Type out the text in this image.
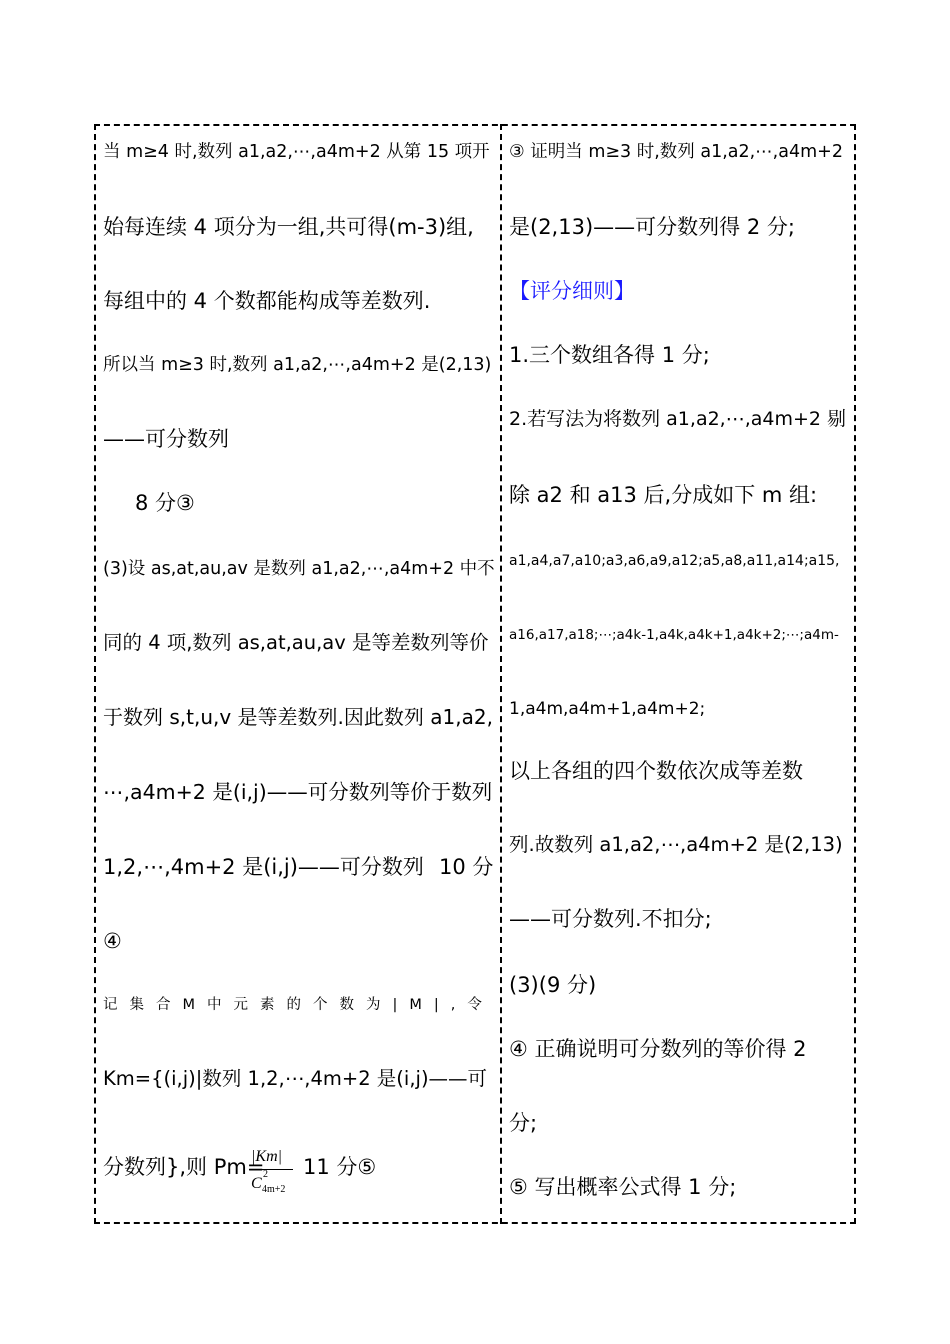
当 m≥4 时,数列 a1,a2,⋯,a4m+2 从第 15 项开
始每连续 4 项分为一组,共可得(m-3)组,
每组中的 4 个数都能构成等差数列.
所以当 m≥3 时,数列 a1,a2,⋯,a4m+2 是(2,13)
——可分数列
8 分③
(3)设 as,at,au,av 是数列 a1,a2,⋯,a4m+2 中不
同的 4 项,数列 as,at,au,av 是等差数列等价
于数列 s,t,u,v 是等差数列.因此数列 a1,a2,
⋯,a4m+2 是(i,j)——可分数列等价于数列
1,2,⋯,4m+2 是(i,j)——可分数列 10 分
④
记集合M中元素的个数为|M|,令
Km={(i,j)|数列 1,2,⋯,4m+2 是(i,j)——可
分数列},则 Pm=
|Km|
C
2
4m+2
11 分⑤
③ 证明当 m≥3 时,数列 a1,a2,⋯,a4m+2
是(2,13)——可分数列得 2 分;
【评分细则】
1.三个数组各得 1 分;
2.若写法为将数列 a1,a2,⋯,a4m+2 剔
除 a2 和 a13 后,分成如下 m 组:
a1,a4,a7,a10;a3,a6,a9,a12;a5,a8,a11,a14;a15,
a16,a17,a18;⋯;a4k-1,a4k,a4k+1,a4k+2;⋯;a4m-
1,a4m,a4m+1,a4m+2;
以上各组的四个数依次成等差数
列.故数列 a1,a2,⋯,a4m+2 是(2,13)
——可分数列.不扣分;
(3)(9 分)
④ 正确说明可分数列的等价得 2
分;
⑤ 写出概率公式得 1 分;
